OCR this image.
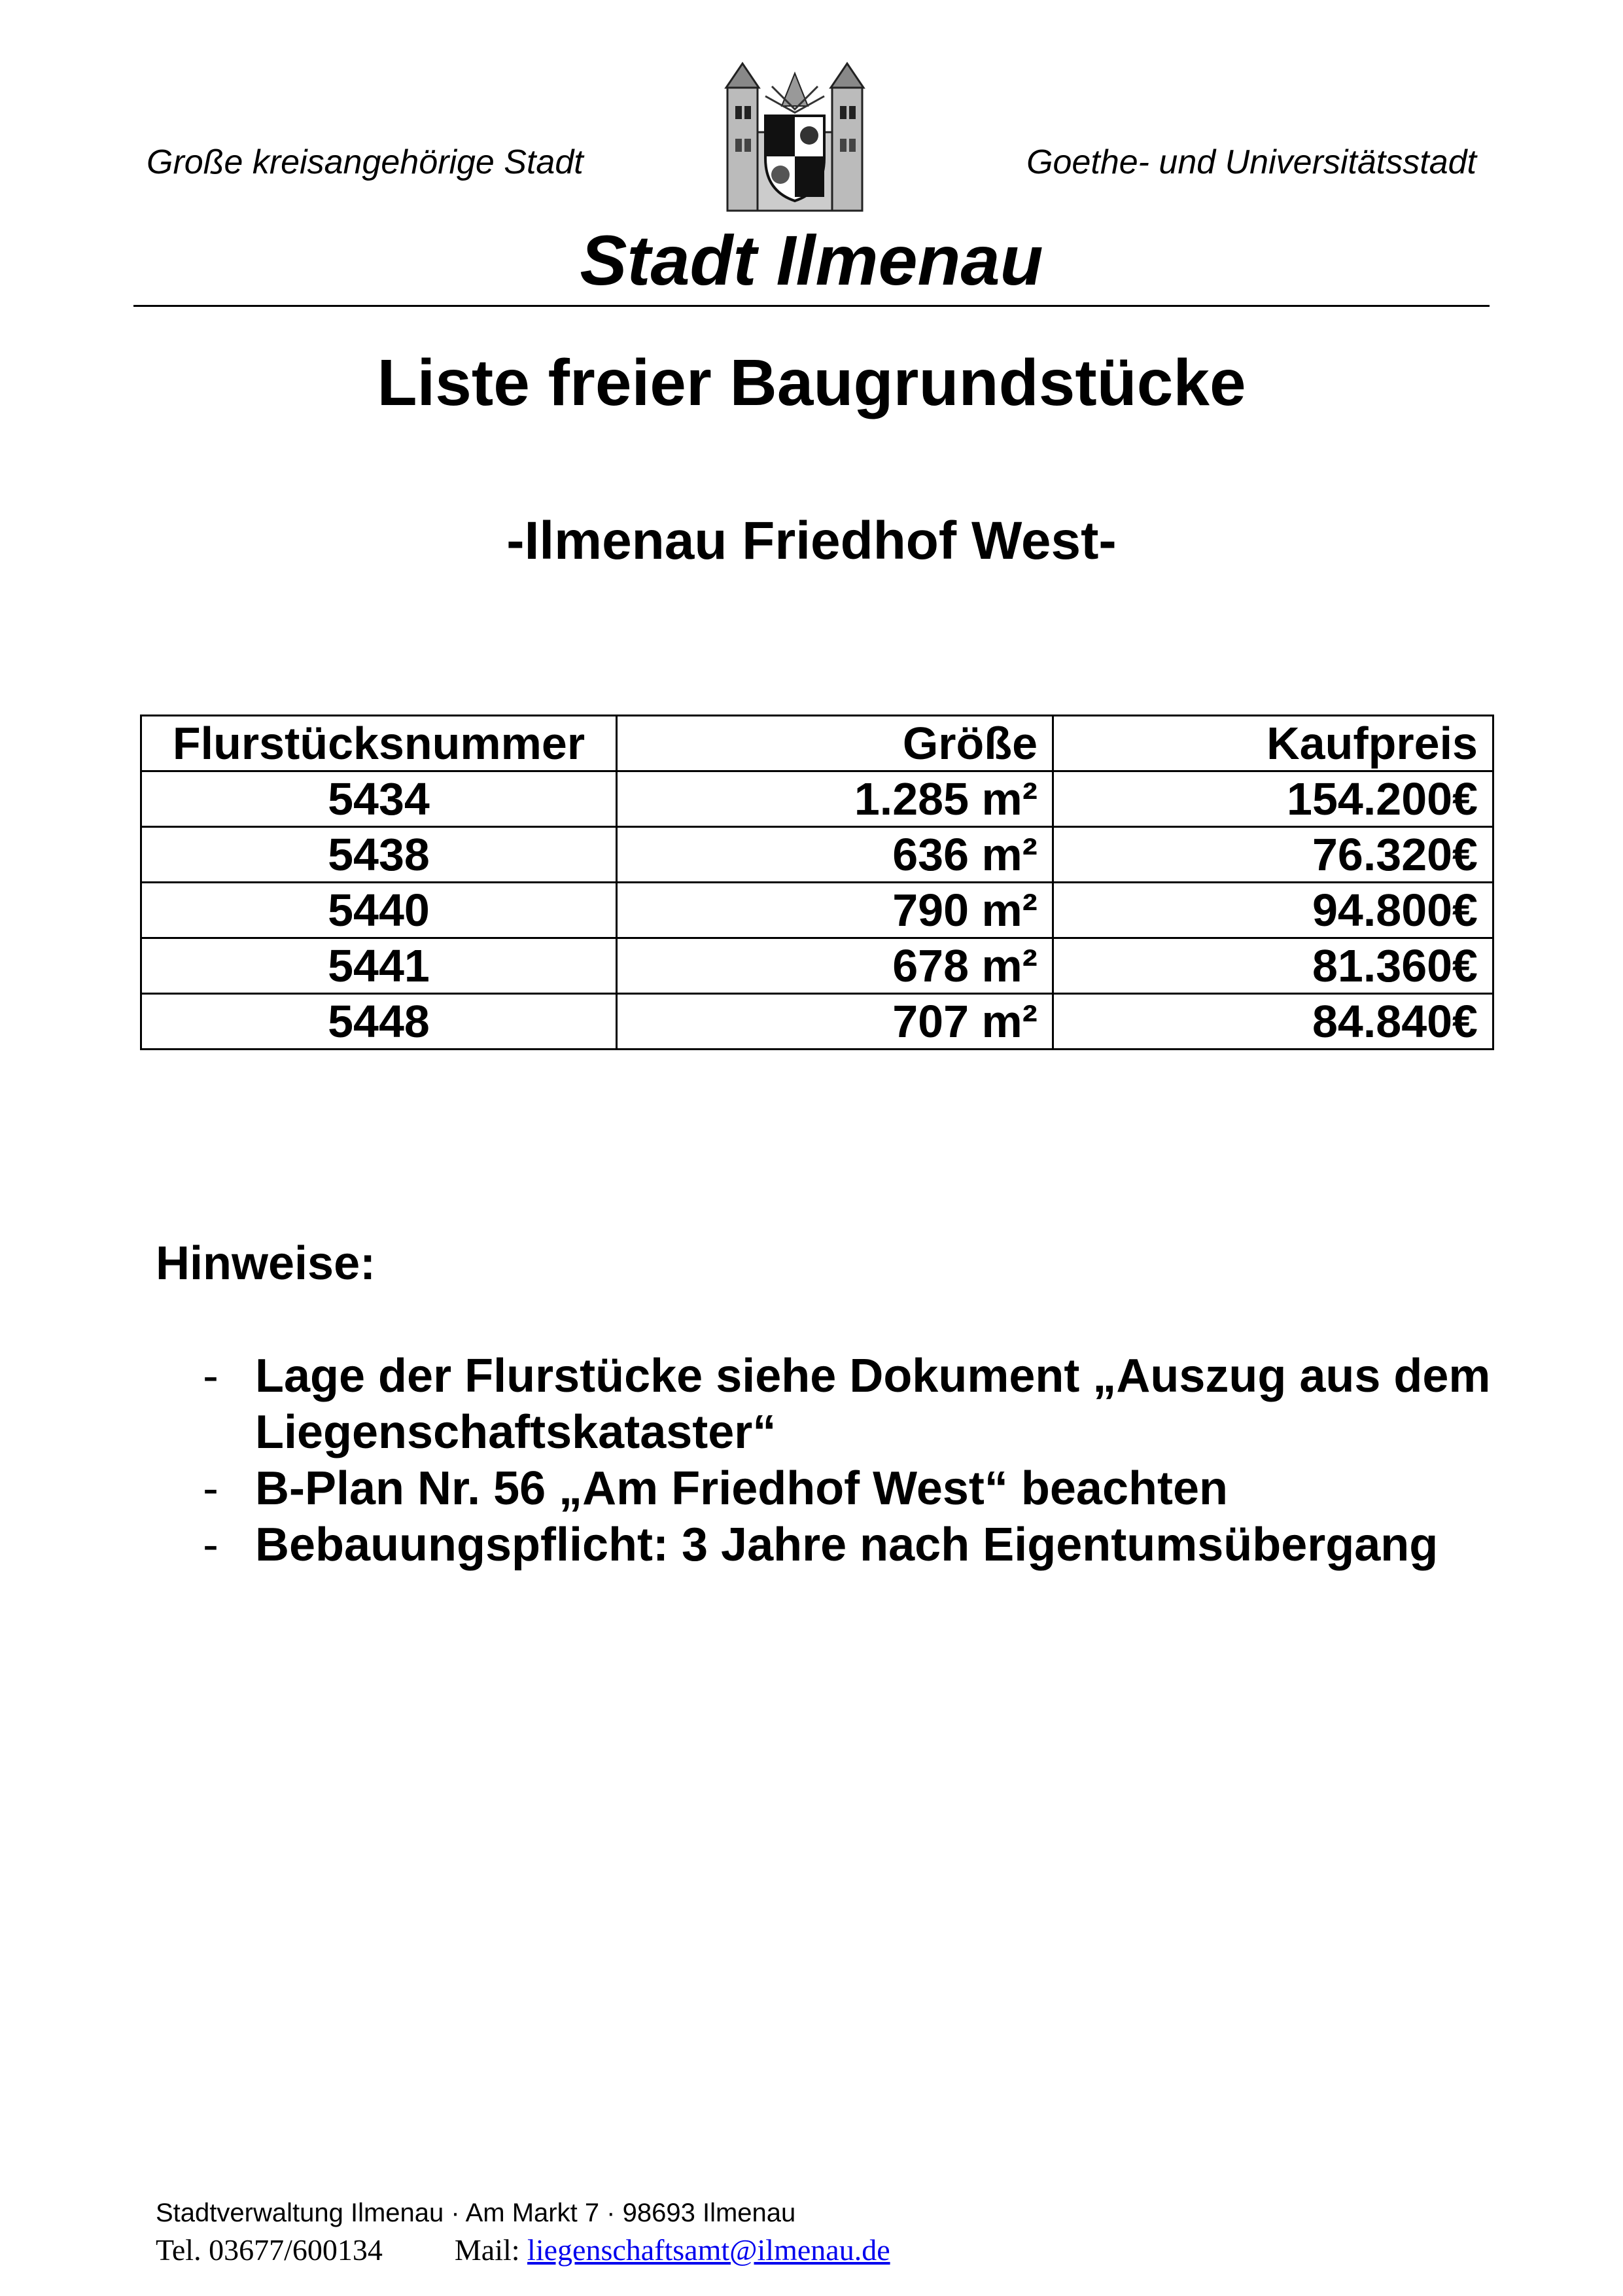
Große kreisangehörige Stadt	Goethe- und Universitätsstadt
Stadt Ilmenau
Liste freier Baugrundstücke
-Ilmenau Friedhof West-
Flurstücksnummer	Größe	Kaufpreis
5434	1.285 m²	154.200€
5438	636 m²	76.320€
5440	790 m²	94.800€
5441	678 m²	81.360€
5448	707 m²	84.840€
Hinweise:
- Lage der Flurstücke siehe Dokument „Auszug aus dem Liegenschaftskataster“
- B-Plan Nr. 56 „Am Friedhof West“ beachten
- Bebauungspflicht: 3 Jahre nach Eigentumsübergang
Stadtverwaltung Ilmenau · Am Markt 7 · 98693 Ilmenau
Tel. 03677/600134 Mail: liegenschaftsamt@ilmenau.de
